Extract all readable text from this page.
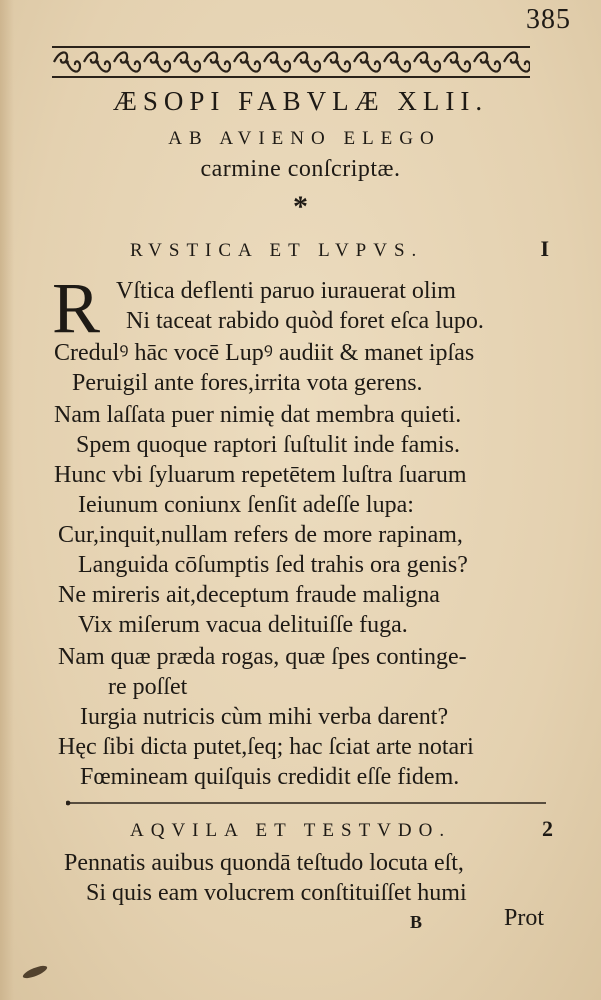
385
ÆSOPI FABVLÆ XLII.
AB AVIENO ELEGO
carmine conſcriptæ.
*
RVSTICA ET LVPVS.	I
R Vſtica deflenti paruo iurauerat olim
Ni taceat rabido quòd foret eſca lupo.
Credulꝰ hāc vocē Lupꝰ audiit & manet ipſas
Peruigil ante fores,irrita vota gerens.
Nam laſſata puer nimię dat membra quieti.
Spem quoque raptori ſuſtulit inde famis.
Hunc vbi ſyluarum repetētem luſtra ſuarum
Ieiunum coniunx ſenſit adeſſe lupa:
Cur,inquit,nullam refers de more rapinam,
Languida cōſumptis ſed trahis ora genis?
Ne mireris ait,deceptum fraude maligna
Vix miſerum vacua delituiſſe fuga.
Nam quæ præda rogas, quæ ſpes continge-
re poſſet
Iurgia nutricis cùm mihi verba darent?
Hęc ſibi dicta putet,ſeq; hac ſciat arte notari
Fœmineam quiſquis credidit eſſe fidem.
AQVILA ET TESTVDO.	2
Pennatis auibus quondā teſtudo locuta eſt,
Si quis eam volucrem conſtituiſſet humi
B	Prot
